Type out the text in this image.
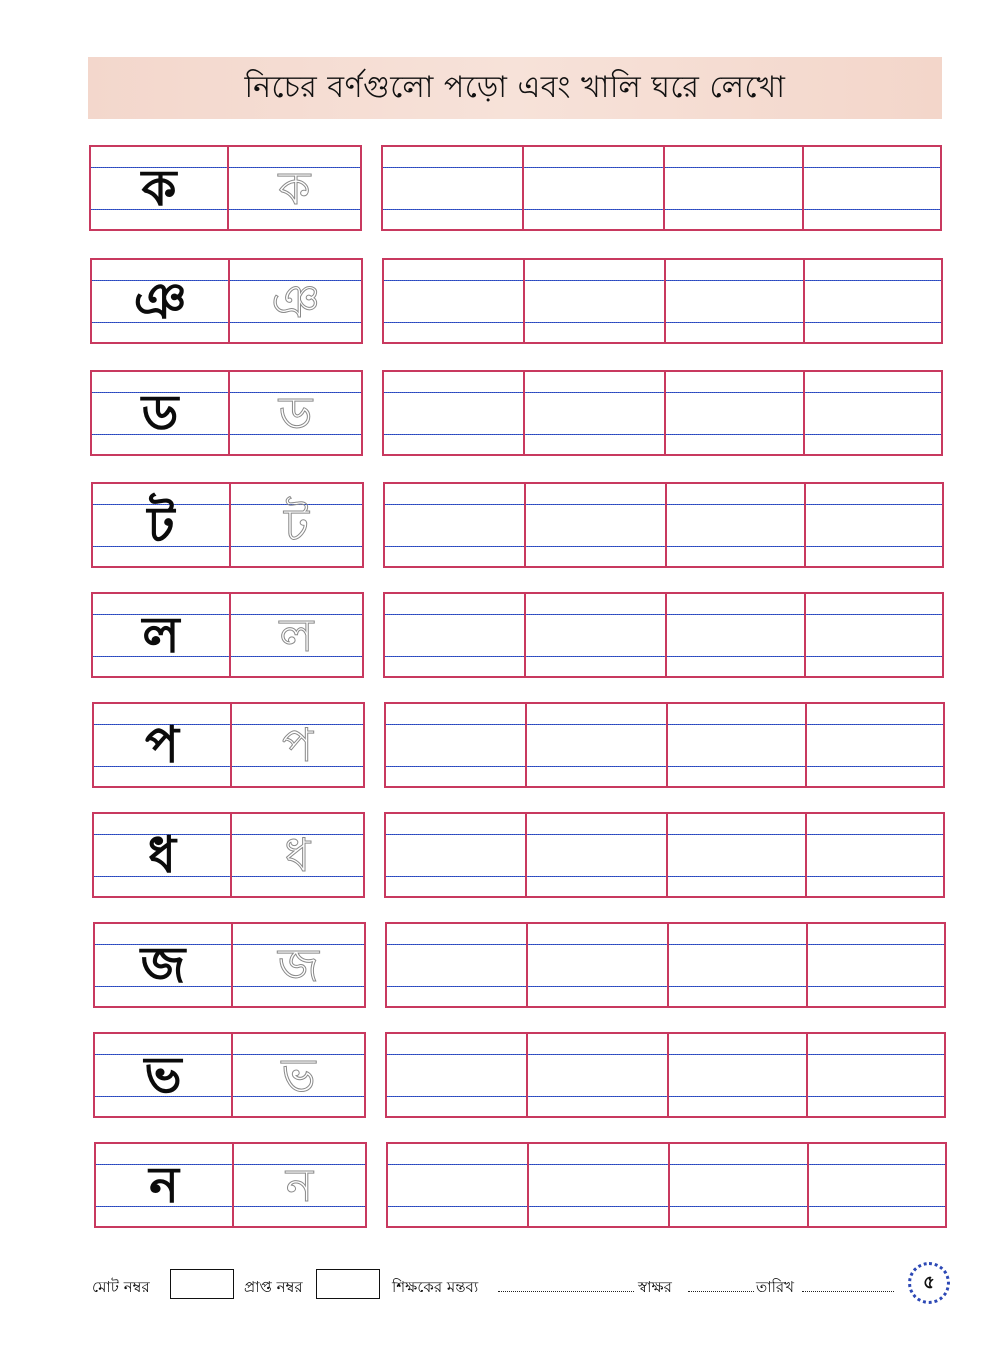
নিচের বর্ণগুলো পড়ো এবং খালি ঘরে লেখো
ক ক
ঞ ঞ
ড ড
ট ট
ল ল
প প
ধ ধ
জ জ
ভ ভ
ন ন
মোট নম্বর	প্রাপ্ত নম্বর	শিক্ষকের মন্তব্য	স্বাক্ষর	তারিখ	৫
